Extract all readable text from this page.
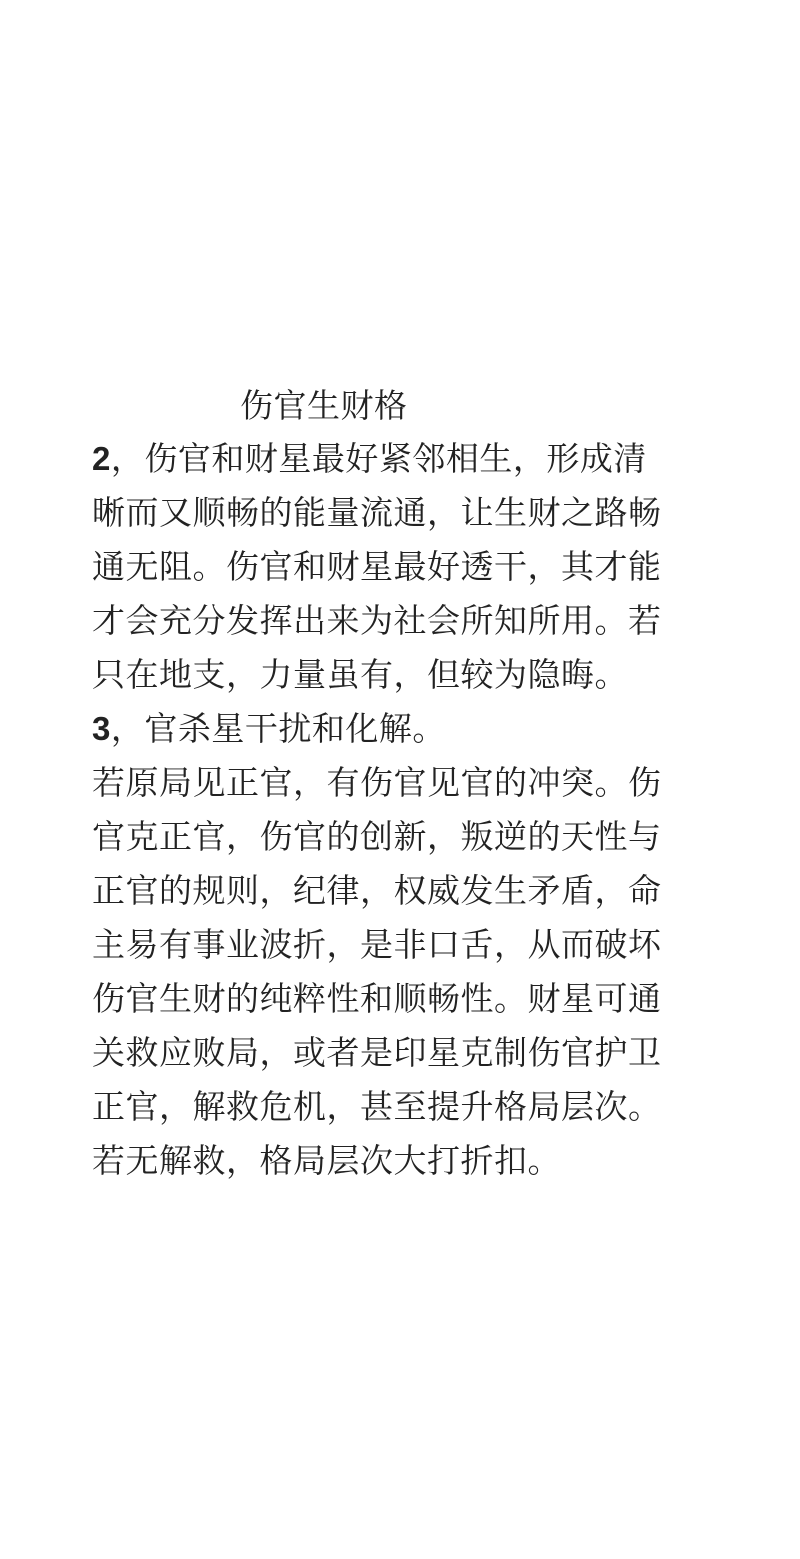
伤官生财格
2，伤官和财星最好紧邻相生，形成清
晰而又顺畅的能量流通，让生财之路畅
通无阻。伤官和财星最好透干，其才能
才会充分发挥出来为社会所知所用。若
只在地支，力量虽有，但较为隐晦。
3，官杀星干扰和化解。
若原局见正官，有伤官见官的冲突。伤
官克正官，伤官的创新，叛逆的天性与
正官的规则，纪律，权威发生矛盾，命
主易有事业波折，是非口舌，从而破坏
伤官生财的纯粹性和顺畅性。财星可通
关救应败局，或者是印星克制伤官护卫
正官，解救危机，甚至提升格局层次。
若无解救，格局层次大打折扣。
